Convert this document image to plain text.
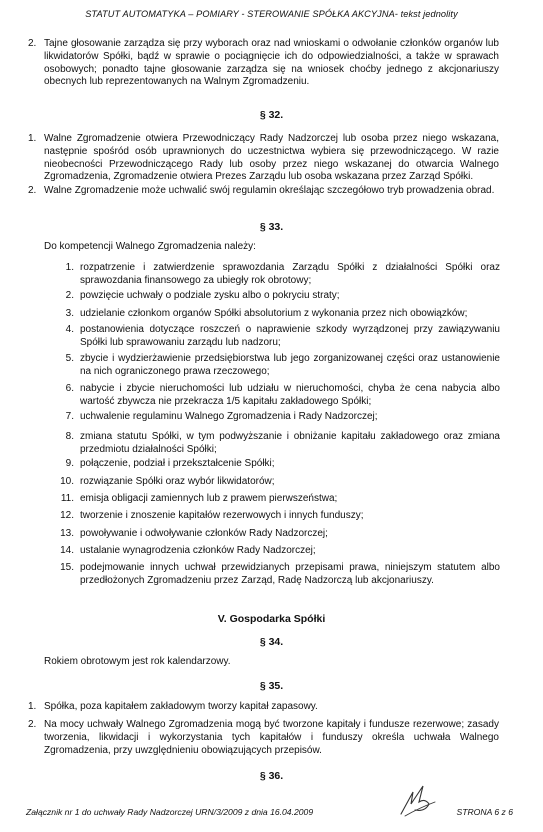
STATUT AUTOMATYKA – POMIARY - STEROWANIE SPÓŁKA AKCYJNA- tekst jednolity
2. Tajne głosowanie zarządza się przy wyborach oraz nad wnioskami o odwołanie członków organów lub likwidatorów Spółki, bądź w sprawie o pociągnięcie ich do odpowiedzialności, a także w sprawach osobowych; ponadto tajne głosowanie zarządza się na wniosek choćby jednego z akcjonariuszy obecnych lub reprezentowanych na Walnym Zgromadzeniu.
§ 32.
1. Walne Zgromadzenie otwiera Przewodniczący Rady Nadzorczej lub osoba przez niego wskazana, następnie spośród osób uprawnionych do uczestnictwa wybiera się przewodniczącego. W razie nieobecności Przewodniczącego Rady lub osoby przez niego wskazanej do otwarcia Walnego Zgromadzenia, Zgromadzenie otwiera Prezes Zarządu lub osoba wskazana przez Zarząd Spółki.
2. Walne Zgromadzenie może uchwalić swój regulamin określając szczegółowo tryb prowadzenia obrad.
§ 33.
Do kompetencji Walnego Zgromadzenia należy:
1. rozpatrzenie i zatwierdzenie sprawozdania Zarządu Spółki z działalności Spółki oraz sprawozdania finansowego za ubiegły rok obrotowy;
2. powzięcie uchwały o podziale zysku albo o pokryciu straty;
3. udzielanie członkom organów Spółki absolutorium z wykonania przez nich obowiązków;
4. postanowienia dotyczące roszczeń o naprawienie szkody wyrządzonej przy zawiązywaniu Spółki lub sprawowaniu zarządu lub nadzoru;
5. zbycie i wydzierżawienie przedsiębiorstwa lub jego zorganizowanej części oraz ustanowienie na nich ograniczonego prawa rzeczowego;
6. nabycie i zbycie nieruchomości lub udziału w nieruchomości, chyba że cena nabycia albo wartość zbywcza nie przekracza 1/5 kapitału zakładowego Spółki;
7. uchwalenie regulaminu Walnego Zgromadzenia i Rady Nadzorczej;
8. zmiana statutu Spółki, w tym podwyższanie i obniżanie kapitału zakładowego oraz zmiana przedmiotu działalności Spółki;
9. połączenie, podział i przekształcenie Spółki;
10. rozwiązanie Spółki oraz wybór likwidatorów;
11. emisja obligacji zamiennych lub z prawem pierwszeństwa;
12. tworzenie i znoszenie kapitałów rezerwowych i innych funduszy;
13. powoływanie i odwoływanie członków Rady Nadzorczej;
14. ustalanie wynagrodzenia członków Rady Nadzorczej;
15. podejmowanie innych uchwał przewidzianych przepisami prawa, niniejszym statutem albo przedłożonych Zgromadzeniu przez Zarząd, Radę Nadzorczą lub akcjonariuszy.
V. Gospodarka Spółki
§ 34.
Rokiem obrotowym jest rok kalendarzowy.
§ 35.
1. Spółka, poza kapitałem zakładowym tworzy kapitał zapasowy.
2. Na mocy uchwały Walnego Zgromadzenia mogą być tworzone kapitały i fundusze rezerwowe; zasady tworzenia, likwidacji i wykorzystania tych kapitałów i funduszy określa uchwała Walnego Zgromadzenia, przy uwzględnieniu obowiązujących przepisów.
§ 36.
Załącznik nr 1 do uchwały Rady Nadzorczej URN/3/2009 z dnia 16.04.2009	STRONA 6 z 6
